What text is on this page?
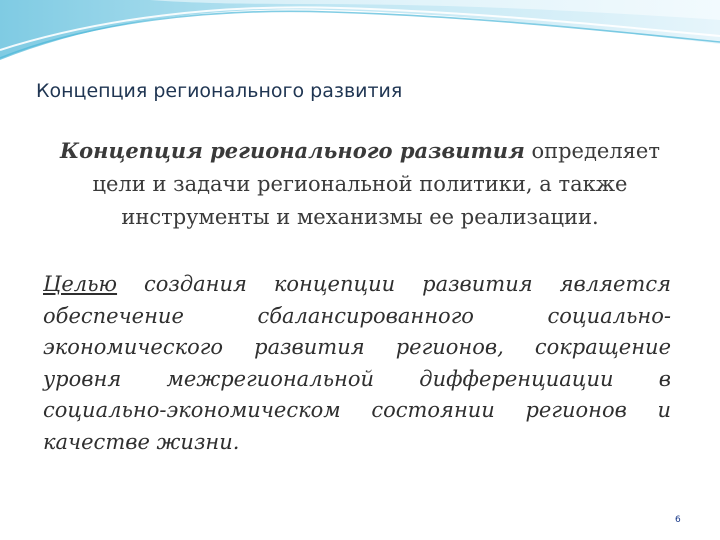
Концепция регионального развития

Концепция регионального развития определяет цели и задачи региональной политики, а также инструменты и механизмы ее реализации.

Целью создания концепции развития является обеспечение сбалансированного социально-экономического развития регионов, сокращение уровня межрегиональной дифференциации в социально-экономическом состоянии регионов и качестве жизни.

6
